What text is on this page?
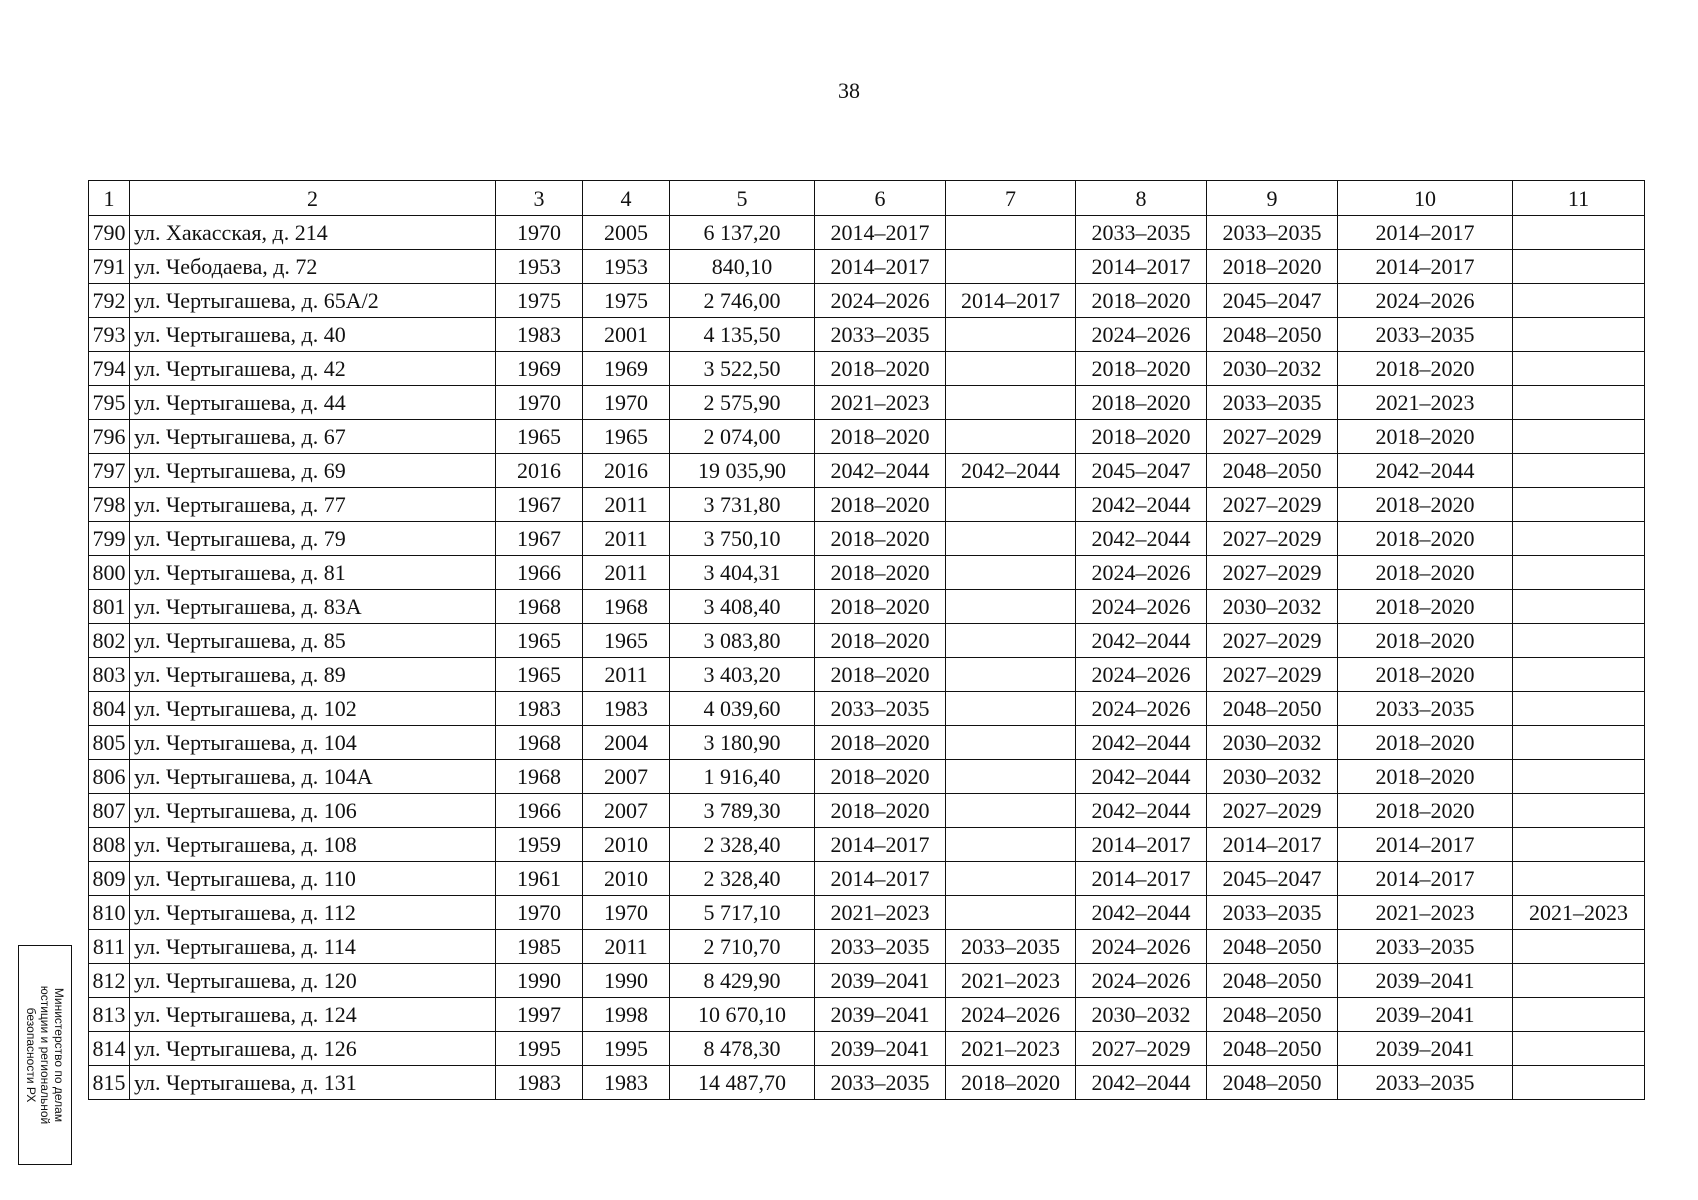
38
1	2	3	4	5	6	7	8	9	10	11
790	ул. Хакасская, д. 214	1970	2005	6 137,20	2014–2017		2033–2035	2033–2035	2014–2017	
791	ул. Чебодаева, д. 72	1953	1953	840,10	2014–2017		2014–2017	2018–2020	2014–2017	
792	ул. Чертыгашева, д. 65А/2	1975	1975	2 746,00	2024–2026	2014–2017	2018–2020	2045–2047	2024–2026	
793	ул. Чертыгашева, д. 40	1983	2001	4 135,50	2033–2035		2024–2026	2048–2050	2033–2035	
794	ул. Чертыгашева, д. 42	1969	1969	3 522,50	2018–2020		2018–2020	2030–2032	2018–2020	
795	ул. Чертыгашева, д. 44	1970	1970	2 575,90	2021–2023		2018–2020	2033–2035	2021–2023	
796	ул. Чертыгашева, д. 67	1965	1965	2 074,00	2018–2020		2018–2020	2027–2029	2018–2020	
797	ул. Чертыгашева, д. 69	2016	2016	19 035,90	2042–2044	2042–2044	2045–2047	2048–2050	2042–2044	
798	ул. Чертыгашева, д. 77	1967	2011	3 731,80	2018–2020		2042–2044	2027–2029	2018–2020	
799	ул. Чертыгашева, д. 79	1967	2011	3 750,10	2018–2020		2042–2044	2027–2029	2018–2020	
800	ул. Чертыгашева, д. 81	1966	2011	3 404,31	2018–2020		2024–2026	2027–2029	2018–2020	
801	ул. Чертыгашева, д. 83А	1968	1968	3 408,40	2018–2020		2024–2026	2030–2032	2018–2020	
802	ул. Чертыгашева, д. 85	1965	1965	3 083,80	2018–2020		2042–2044	2027–2029	2018–2020	
803	ул. Чертыгашева, д. 89	1965	2011	3 403,20	2018–2020		2024–2026	2027–2029	2018–2020	
804	ул. Чертыгашева, д. 102	1983	1983	4 039,60	2033–2035		2024–2026	2048–2050	2033–2035	
805	ул. Чертыгашева, д. 104	1968	2004	3 180,90	2018–2020		2042–2044	2030–2032	2018–2020	
806	ул. Чертыгашева, д. 104А	1968	2007	1 916,40	2018–2020		2042–2044	2030–2032	2018–2020	
807	ул. Чертыгашева, д. 106	1966	2007	3 789,30	2018–2020		2042–2044	2027–2029	2018–2020	
808	ул. Чертыгашева, д. 108	1959	2010	2 328,40	2014–2017		2014–2017	2014–2017	2014–2017	
809	ул. Чертыгашева, д. 110	1961	2010	2 328,40	2014–2017		2014–2017	2045–2047	2014–2017	
810	ул. Чертыгашева, д. 112	1970	1970	5 717,10	2021–2023		2042–2044	2033–2035	2021–2023	2021–2023
811	ул. Чертыгашева, д. 114	1985	2011	2 710,70	2033–2035	2033–2035	2024–2026	2048–2050	2033–2035	
812	ул. Чертыгашева, д. 120	1990	1990	8 429,90	2039–2041	2021–2023	2024–2026	2048–2050	2039–2041	
813	ул. Чертыгашева, д. 124	1997	1998	10 670,10	2039–2041	2024–2026	2030–2032	2048–2050	2039–2041	
814	ул. Чертыгашева, д. 126	1995	1995	8 478,30	2039–2041	2021–2023	2027–2029	2048–2050	2039–2041	
815	ул. Чертыгашева, д. 131	1983	1983	14 487,70	2033–2035	2018–2020	2042–2044	2048–2050	2033–2035	
Министерство по делам
юстиции и региональной
безопасности РХ
